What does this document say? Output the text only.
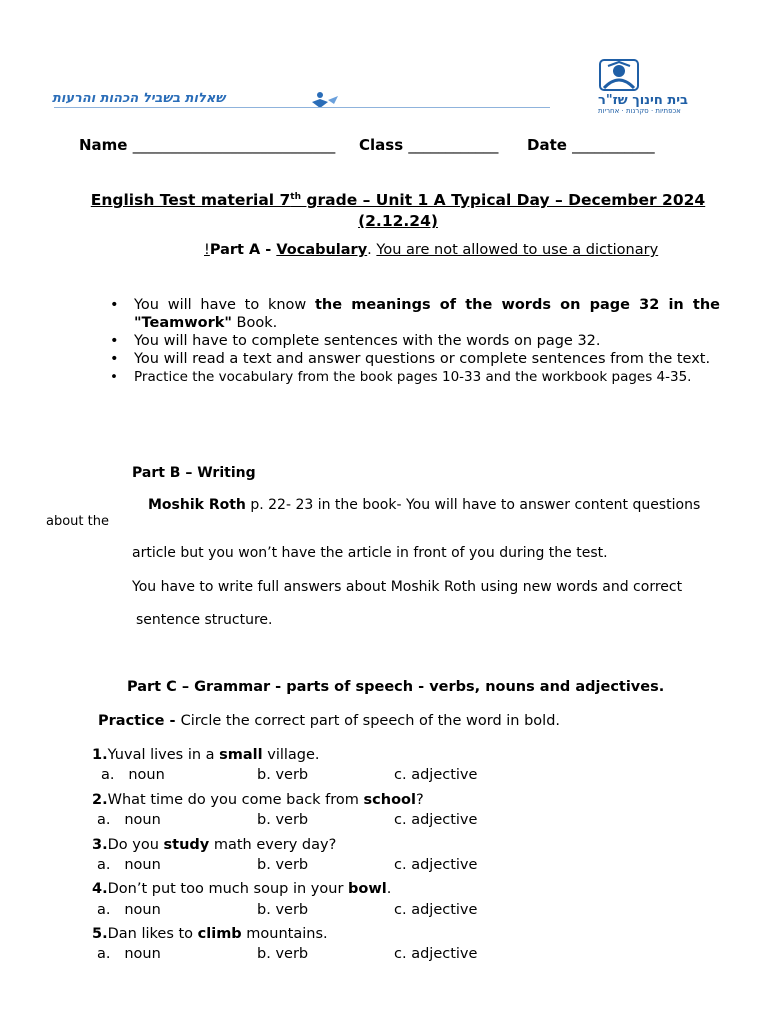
בית חינוך שז"ר
אכפתיות · סקרנות · אחריות
שאלות בשביל הכהות והרעות
Name ___________________________ Class ____________ Date ___________
English Test material 7th grade – Unit 1 A Typical Day – December 2024
(2.12.24)
!Part A - Vocabulary. You are not allowed to use a dictionary
• You will have to know the meanings of the words on page 32 in the "Teamwork" Book.
• You will have to complete sentences with the words on page 32.
• You will read a text and answer questions or complete sentences from the text.
• Practice the vocabulary from the book pages 10-33 and the workbook pages 4-35.
Part B – Writing
Moshik Roth p. 22- 23 in the book- You will have to answer content questions
about the
article but you won’t have the article in front of you during the test.
You have to write full answers about Moshik Roth using new words and correct
sentence structure.
Part C – Grammar - parts of speech - verbs, nouns and adjectives.
Practice - Circle the correct part of speech of the word in bold.
1.Yuval lives in a small village.
2.What time do you come back from school?
3.Do you study math every day?
4.Don’t put too much soup in your bowl.
5.Dan likes to climb mountains.
a. noun	b. verb	c. adjective
a. noun	b. verb	c. adjective
a. noun	b. verb	c. adjective
a. noun	b. verb	c. adjective
a. noun	b. verb	c. adjective
